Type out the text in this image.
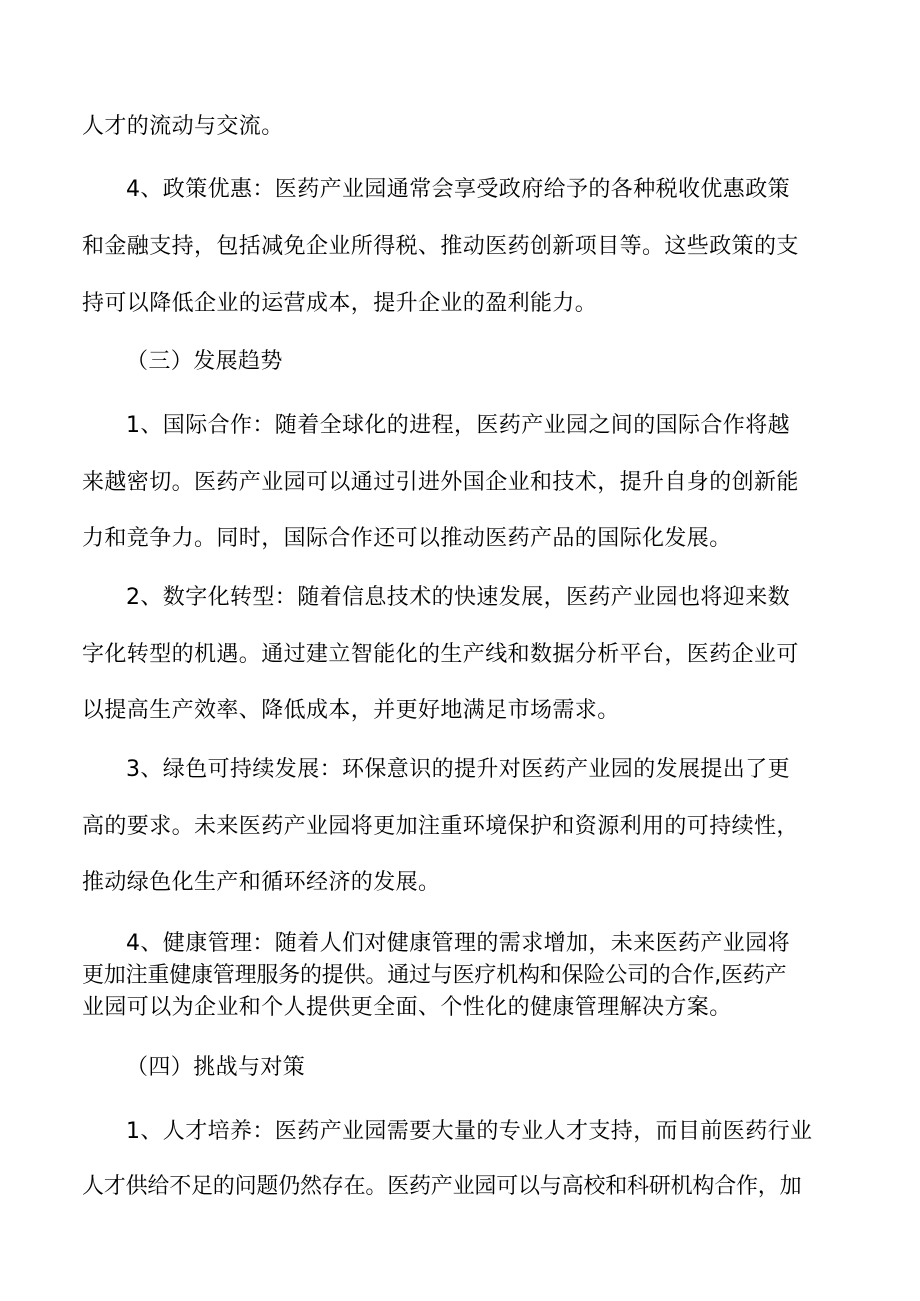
人才的流动与交流。
4、政策优惠：医药产业园通常会享受政府给予的各种税收优惠政策
和金融支持，包括减免企业所得税、推动医药创新项目等。这些政策的支
持可以降低企业的运营成本，提升企业的盈利能力。
（三）发展趋势
1、国际合作：随着全球化的进程，医药产业园之间的国际合作将越
来越密切。医药产业园可以通过引进外国企业和技术，提升自身的创新能
力和竞争力。同时，国际合作还可以推动医药产品的国际化发展。
2、数字化转型：随着信息技术的快速发展，医药产业园也将迎来数
字化转型的机遇。通过建立智能化的生产线和数据分析平台，医药企业可
以提高生产效率、降低成本，并更好地满足市场需求。
3、绿色可持续发展：环保意识的提升对医药产业园的发展提出了更
高的要求。未来医药产业园将更加注重环境保护和资源利用的可持续性，
推动绿色化生产和循环经济的发展。
4、健康管理：随着人们对健康管理的需求增加，未来医药产业园将
更加注重健康管理服务的提供。通过与医疗机构和保险公司的合作,医药产
业园可以为企业和个人提供更全面、个性化的健康管理解决方案。
（四）挑战与对策
1、人才培养：医药产业园需要大量的专业人才支持，而目前医药行业
人才供给不足的问题仍然存在。医药产业园可以与高校和科研机构合作，加
